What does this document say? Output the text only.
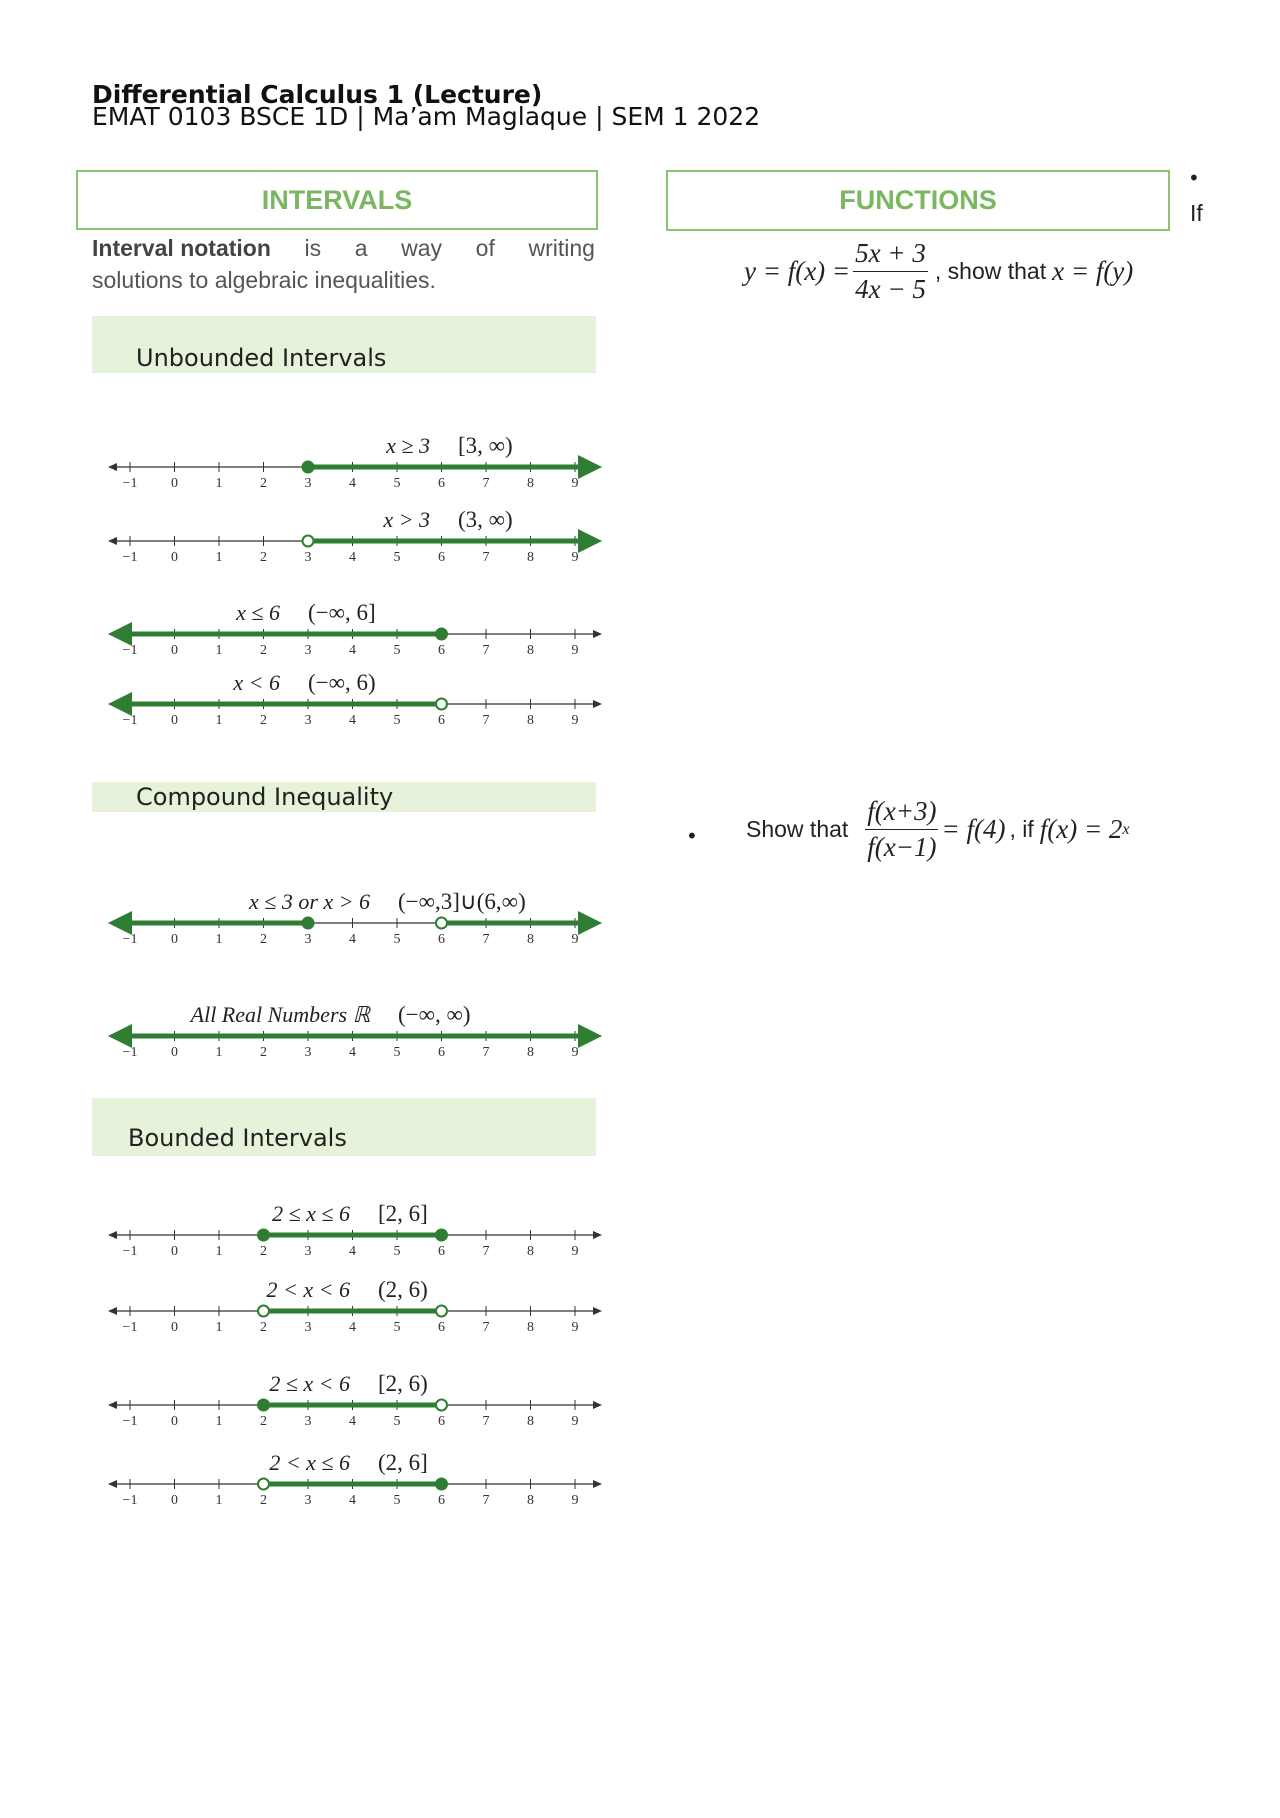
Differential Calculus 1 (Lecture)
EMAT 0103 BSCE 1D | Ma’am Maglaque | SEM 1 2022
INTERVALS
Interval notation is a way of writing
solutions to algebraic inequalities.
Unbounded Intervals
Compound Inequality
Bounded Intervals
−1 0	1	2	3	4	5	6	7	8	9
x ≥ 3 [3, ∞)
−1 0	1	2	3	4	5	6	7	8	9
x > 3 (3, ∞)
−1 0	1	2	3	4	5	6	7	8	9
x ≤ 6 (−∞, 6]
−1 0	1	2	3	4	5	6	7	8	9
x < 6 (−∞, 6)
−1 0	1	2	3	4	5	6	7	8	9
x ≤ 3 or x > 6 (−∞,3]∪(6,∞)
−1 0	1	2	3	4	5	6	7	8	9
All Real Numbers ℝ (−∞, ∞)
−1 0	1	2	3	4	5	6	7	8	9
2 ≤ x ≤ 6 [2, 6]
−1 0	1	2	3	4	5	6	7	8	9
2 < x < 6 (2, 6)
−1 0	1	2	3	4	5	6	7	8	9
2 ≤ x < 6 [2, 6)
−1 0	1	2	3	4	5	6	7	8	9
2 < x ≤ 6 (2, 6]
FUNCTIONS
•
If
$y = f(x) = \frac{5x + 3}{4x - 5}$ , show that x = f(y)
• Show that $\frac{f(x+3)}{f(x-1)} = f(4)$ , if f(x) = 2 x
